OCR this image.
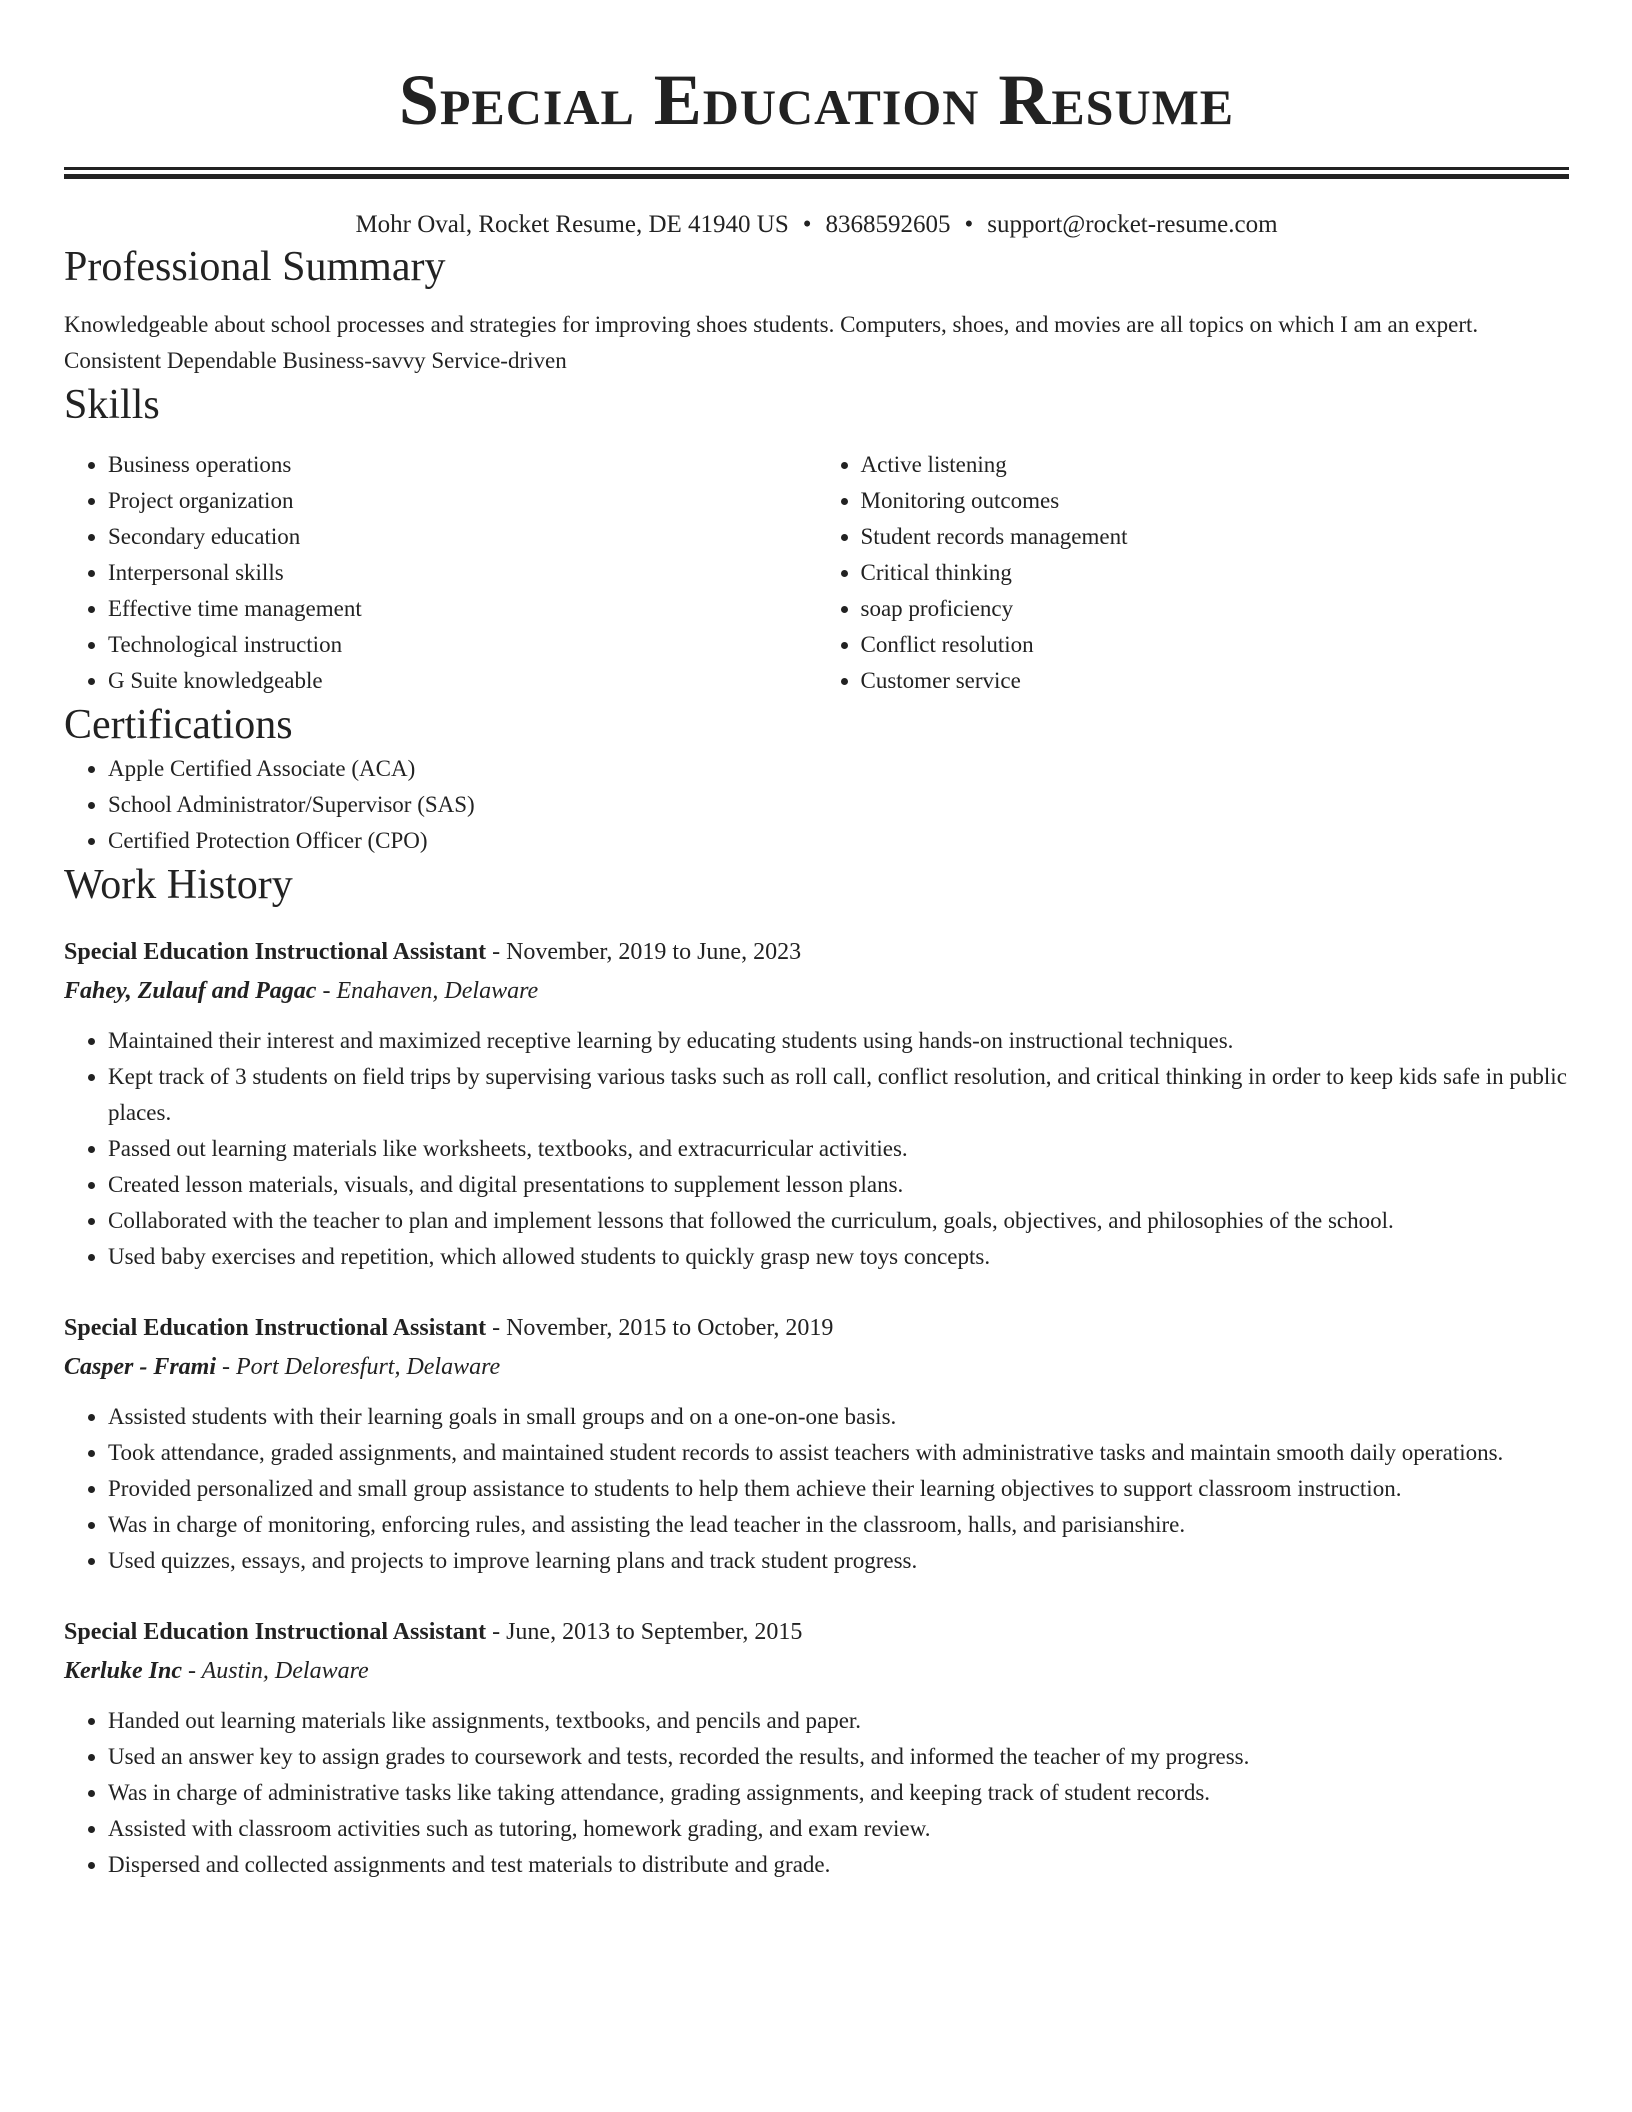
Special Education Resume
Mohr Oval, Rocket Resume, DE 41940 US • 8368592605 • support@rocket-resume.com
Professional Summary

Knowledgeable about school processes and strategies for improving shoes students. Computers, shoes, and movies are all topics on which I am an expert. Consistent Dependable Business-savvy Service-driven

Skills
• Business operations
• Project organization
• Secondary education
• Interpersonal skills
• Effective time management
• Technological instruction
• G Suite knowledgeable
• Active listening
• Monitoring outcomes
• Student records management
• Critical thinking
• soap proficiency
• Conflict resolution
• Customer service
Certifications
• Apple Certified Associate (ACA)
• School Administrator/Supervisor (SAS)
• Certified Protection Officer (CPO)
Work History
Special Education Instructional Assistant - November, 2019 to June, 2023
Fahey, Zulauf and Pagac - Enahaven, Delaware
• Maintained their interest and maximized receptive learning by educating students using hands-on instructional techniques.
• Kept track of 3 students on field trips by supervising various tasks such as roll call, conflict resolution, and critical thinking in order to keep kids safe in public places.
• Passed out learning materials like worksheets, textbooks, and extracurricular activities.
• Created lesson materials, visuals, and digital presentations to supplement lesson plans.
• Collaborated with the teacher to plan and implement lessons that followed the curriculum, goals, objectives, and philosophies of the school.
• Used baby exercises and repetition, which allowed students to quickly grasp new toys concepts.
Special Education Instructional Assistant - November, 2015 to October, 2019
Casper - Frami - Port Deloresfurt, Delaware
• Assisted students with their learning goals in small groups and on a one-on-one basis.
• Took attendance, graded assignments, and maintained student records to assist teachers with administrative tasks and maintain smooth daily operations.
• Provided personalized and small group assistance to students to help them achieve their learning objectives to support classroom instruction.
• Was in charge of monitoring, enforcing rules, and assisting the lead teacher in the classroom, halls, and parisianshire.
• Used quizzes, essays, and projects to improve learning plans and track student progress.
Special Education Instructional Assistant - June, 2013 to September, 2015
Kerluke Inc - Austin, Delaware
• Handed out learning materials like assignments, textbooks, and pencils and paper.
• Used an answer key to assign grades to coursework and tests, recorded the results, and informed the teacher of my progress.
• Was in charge of administrative tasks like taking attendance, grading assignments, and keeping track of student records.
• Assisted with classroom activities such as tutoring, homework grading, and exam review.
• Dispersed and collected assignments and test materials to distribute and grade.
